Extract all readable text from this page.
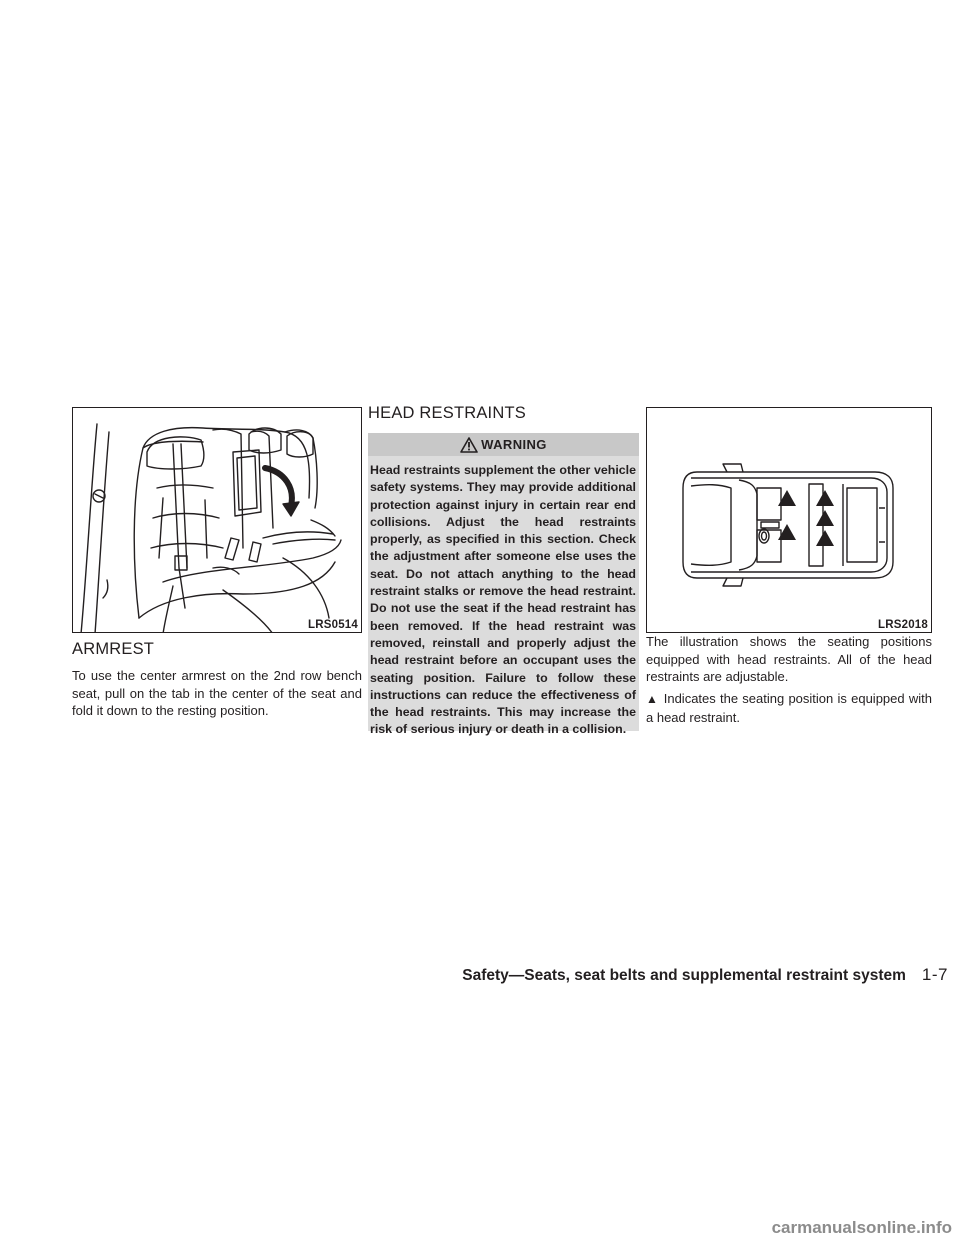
LRS0514
ARMREST

To use the center armrest on the 2nd row bench seat, pull on the tab in the center of the seat and fold it down to the resting position.

HEAD RESTRAINTS
WARNING

Head restraints supplement the other vehicle safety systems. They may provide additional protection against injury in certain rear end collisions. Adjust the head restraints properly, as specified in this section. Check the adjustment after someone else uses the seat. Do not attach anything to the head restraint stalks or remove the head restraint. Do not use the seat if the head restraint has been removed. If the head restraint was removed, reinstall and properly adjust the head restraint before an occupant uses the seating position. Failure to follow these instructions can reduce the effectiveness of the head restraints. This may increase the risk of serious injury or death in a collision.

LRS2018

The illustration shows the seating positions equipped with head restraints. All of the head restraints are adjustable.

▲ Indicates the seating position is equipped with a head restraint.

Safety—Seats, seat belts and supplemental restraint system 1-7
carmanualsonline.info
